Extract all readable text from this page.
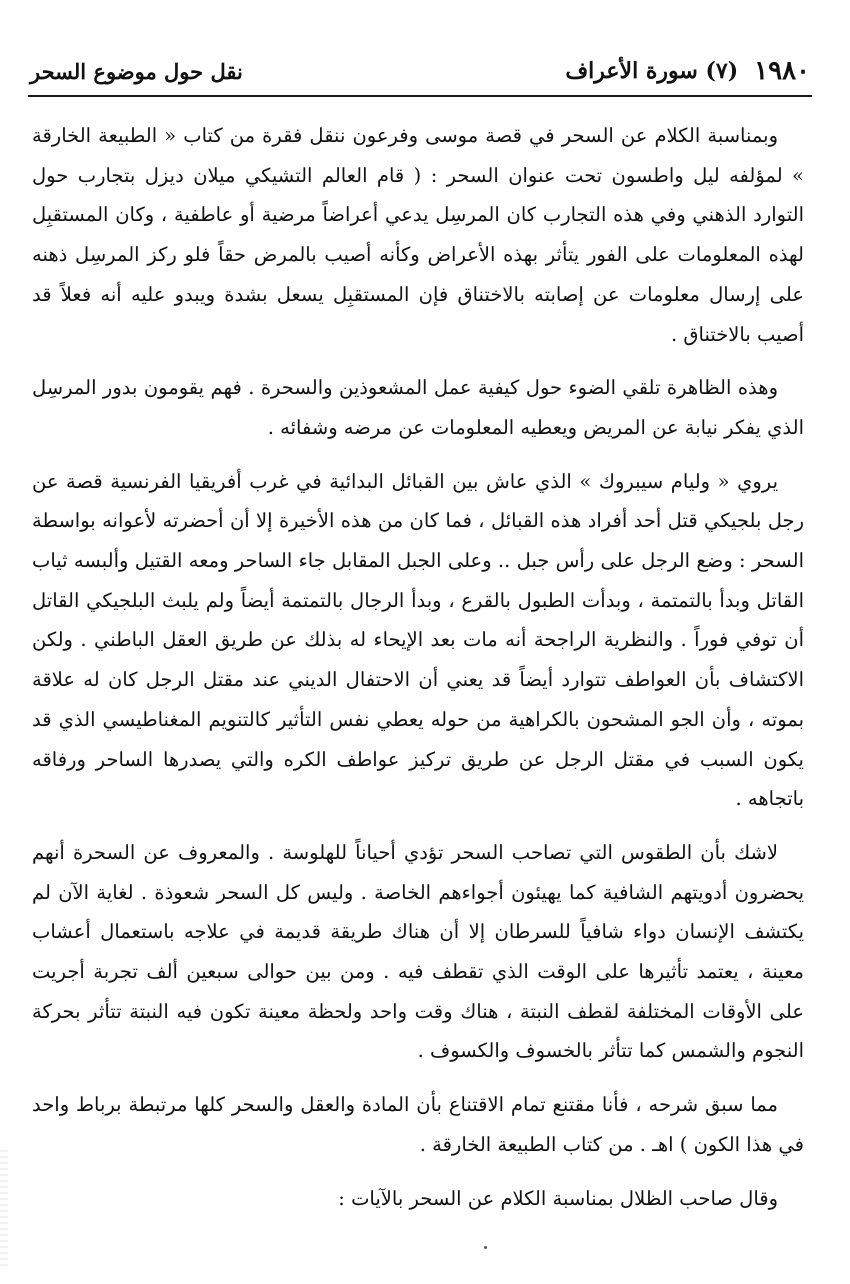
١٩٨٠
(٧) سورة الأعراف
نقل حول موضوع السحر

وبمناسبة الكلام عن السحر في قصة موسى وفرعون ننقل فقرة من كتاب « الطبيعة الخارقة » لمؤلفه ليل واطسون تحت عنوان السحر : ( قام العالم التشيكي ميلان ديزل بتجارب حول التوارد الذهني وفي هذه التجارب كان المرسِل يدعي أعراضاً مرضية أو عاطفية ، وكان المستقبِل لهذه المعلومات على الفور يتأثر بهذه الأعراض وكأنه أصيب بالمرض حقاً فلو ركز المرسِل ذهنه على إرسال معلومات عن إصابته بالاختناق فإن المستقبِل يسعل بشدة ويبدو عليه أنه فعلاً قد أصيب بالاختناق .

وهذه الظاهرة تلقي الضوء حول كيفية عمل المشعوذين والسحرة . فهم يقومون بدور المرسِل الذي يفكر نيابة عن المريض ويعطيه المعلومات عن مرضه وشفائه .

يروي « وليام سيبروك » الذي عاش بين القبائل البدائية في غرب أفريقيا الفرنسية قصة عن رجل بلجيكي قتل أحد أفراد هذه القبائل ، فما كان من هذه الأخيرة إلا أن أحضرته لأعوانه بواسطة السحر : وضع الرجل على رأس جبل .. وعلى الجبل المقابل جاء الساحر ومعه القتيل وألبسه ثياب القاتل وبدأ بالتمتمة ، وبدأت الطبول بالقرع ، وبدأ الرجال بالتمتمة أيضاً ولم يلبث البلجيكي القاتل أن توفي فوراً . والنظرية الراجحة أنه مات بعد الإيحاء له بذلك عن طريق العقل الباطني . ولكن الاكتشاف بأن العواطف تتوارد أيضاً قد يعني أن الاحتفال الديني عند مقتل الرجل كان له علاقة بموته ، وأن الجو المشحون بالكراهية من حوله يعطي نفس التأثير كالتنويم المغناطيسي الذي قد يكون السبب في مقتل الرجل عن طريق تركيز عواطف الكره والتي يصدرها الساحر ورفاقه باتجاهه .

لاشك بأن الطقوس التي تصاحب السحر تؤدي أحياناً للهلوسة . والمعروف عن السحرة أنهم يحضرون أدويتهم الشافية كما يهيئون أجواءهم الخاصة . وليس كل السحر شعوذة . لغاية الآن لم يكتشف الإنسان دواء شافياً للسرطان إلا أن هناك طريقة قديمة في علاجه باستعمال أعشاب معينة ، يعتمد تأثيرها على الوقت الذي تقطف فيه . ومن بين حوالى سبعين ألف تجربة أجريت على الأوقات المختلفة لقطف النبتة ، هناك وقت واحد ولحظة معينة تكون فيه النبتة تتأثر بحركة النجوم والشمس كما تتأثر بالخسوف والكسوف .

مما سبق شرحه ، فأنا مقتنع تمام الاقتناع بأن المادة والعقل والسحر كلها مرتبطة برباط واحد في هذا الكون ) اهـ . من كتاب الطبيعة الخارقة .

وقال صاحب الظلال بمناسبة الكلام عن السحر بالآيات :
